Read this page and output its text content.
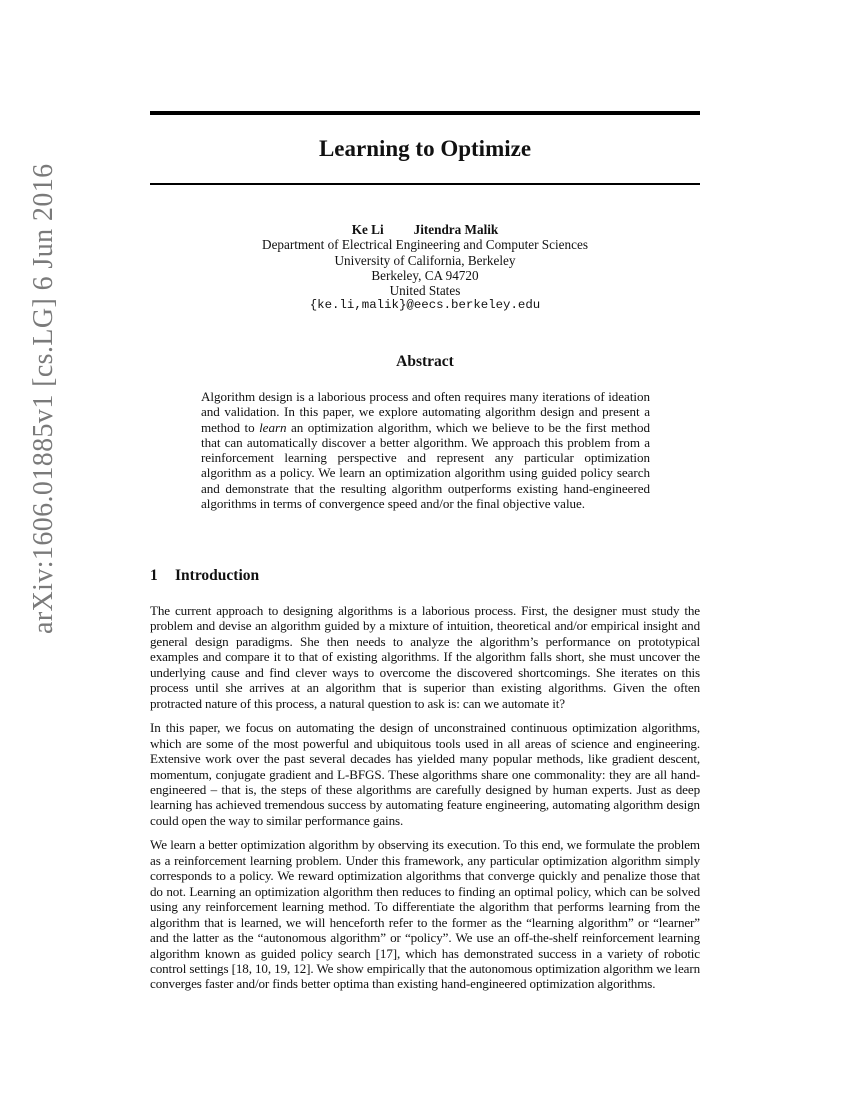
arXiv:1606.01885v1 [cs.LG] 6 Jun 2016
Learning to Optimize
Ke Li Jitendra Malik
Department of Electrical Engineering and Computer Sciences
University of California, Berkeley
Berkeley, CA 94720
United States
{ke.li,malik}@eecs.berkeley.edu
Abstract

Algorithm design is a laborious process and often requires many iterations of ideation and validation. In this paper, we explore automating algorithm design and present a method to learn an optimization algorithm, which we believe to be the first method that can automatically discover a better algorithm. We approach this problem from a reinforcement learning perspective and represent any particular optimization algorithm as a policy. We learn an optimization algorithm using guided policy search and demonstrate that the resulting algorithm outperforms existing hand-engineered algorithms in terms of convergence speed and/or the final objective value.

1 Introduction

The current approach to designing algorithms is a laborious process. First, the designer must study the problem and devise an algorithm guided by a mixture of intuition, theoretical and/or empirical insight and general design paradigms. She then needs to analyze the algorithm’s performance on prototypical examples and compare it to that of existing algorithms. If the algorithm falls short, she must uncover the underlying cause and find clever ways to overcome the discovered shortcomings. She iterates on this process until she arrives at an algorithm that is superior than existing algorithms. Given the often protracted nature of this process, a natural question to ask is: can we automate it?

In this paper, we focus on automating the design of unconstrained continuous optimization algorithms, which are some of the most powerful and ubiquitous tools used in all areas of science and engineering. Extensive work over the past several decades has yielded many popular methods, like gradient descent, momentum, conjugate gradient and L-BFGS. These algorithms share one commonality: they are all hand-engineered – that is, the steps of these algorithms are carefully designed by human experts. Just as deep learning has achieved tremendous success by automating feature engineering, automating algorithm design could open the way to similar performance gains.

We learn a better optimization algorithm by observing its execution. To this end, we formulate the problem as a reinforcement learning problem. Under this framework, any particular optimization algorithm simply corresponds to a policy. We reward optimization algorithms that converge quickly and penalize those that do not. Learning an optimization algorithm then reduces to finding an optimal policy, which can be solved using any reinforcement learning method. To differentiate the algorithm that performs learning from the algorithm that is learned, we will henceforth refer to the former as the “learning algorithm” or “learner” and the latter as the “autonomous algorithm” or “policy”. We use an off-the-shelf reinforcement learning algorithm known as guided policy search [17], which has demonstrated success in a variety of robotic control settings [18, 10, 19, 12]. We show empirically that the autonomous optimization algorithm we learn converges faster and/or finds better optima than existing hand-engineered optimization algorithms.
